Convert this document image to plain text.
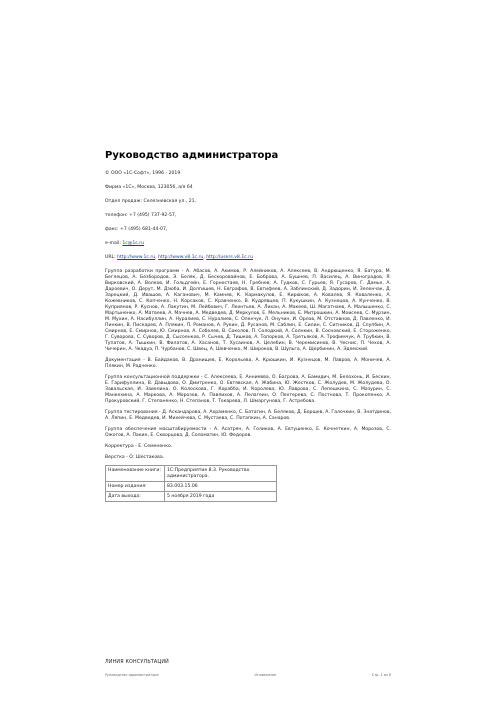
Руководство администратора

© ООО «1С-Софт», 1996 - 2019

Фирма «1С», Москва, 123056, а/я 64

Отдел продаж: Селезневская ул., 21,

телефон: +7 (495) 737-92-57,

факс: +7 (495) 681-44-07,

e-mail: 1c@1c.ru

URL: http://www.1c.ru, http://www.v8.1c.ru, http://users.v8.1c.ru

Группа разработки программ - А. Абасов, А. Акимов, Р. Алейников, А. Алексеев, В. Андрющенко, Я. Батура, М. Беглецов, А. Безбородов, Э. Беляк, Д. Бескоровайнов, Е. Боброва, А. Бушнев, П. Василец, А. Виноградов, Я. Вирковский, А. Волков, И. Гольдгейн, Е. Горностаев, Н. Гребнев, А. Гудков, С. Гурьев, Я. Гусаров, Г. Дамье, А. Дароевич, О. Дерут, М. Дзюба, И. Долгишев, Н. Евграфов, В. Евтифеев, А. Заблинский, Д. Задорин, И. Зеленчак, Д. Зарецкий, Д. Ивашов, А. Каганович, М. Камнев, К. Кармакулов, Е. Кирюков, А. Ковалев, Я. Коваленко, А. Кожевников, С. Копченко, Н. Корсаков, С. Кравченко, В. Кудрявцев, П. Кукушкин, А. Кузнецов, А. Кунченко, В. Куприянов, Р. Куснов, А. Лакутин, М. Лейбович, Г. Леонтьев, А. Лихан, А. Макеев, Ш. Магатнаев, А. Малышенко, С. Мартыненко, А. Матвеев, А. Мачнев, А. Медведев, Д. Меркулов, Е. Мельников, Е. Митрошкин, А. Моисеев, С. Мурзин, М. Мухин, А. Насибуллин, А. Нуралиев, С. Нуралиев, С. Оленчук, Л. Онучин, И. Орлов, М. Отставнов, Д. Павленко, И. Пинкин, В. Пискарев, А. Плякин, П. Романов, А. Рукин, Д. Русанов, М. Саблин, Е. Силин, С. Ситников, Д. Слупбин, А. Смирнов, Е. Смирнов, Ю. Смирнов, А. Соболев, В. Соколов, П. Солодкий, А. Солнкин, В. Сосновский, Е. Стороженко, Г. Суворова, С. Суворов, Д. Сысоенков, Р. Сычев, Д. Тишков, А. Топорков, А. Третьяков, А. Трофимчук, А. Трубкин, В. Тупатов, А. Тышкин, В. Филатов, А. Хасанов, Т. Хусаинов, А. Целебин, В. Черемисинов, В. Чеснис, П. Чехов, А. Чичерин, А. Чкадуа, П. Чурбанов, С. Швец, А. Шевченко, М. Широков, В. Шульга, А. Щербинин, А. Эдемский.

Документация - В. Байдаков, В. Дранищев, Е. Корольева, А. Крюшкин, И. Кузнецов, М. Лавров, А. Моничев, А. Плякин, М. Радченко.

Группа консультационной поддержки - С. Алексеева, Е. Анниевва, О. Багрова, А. Бамидич, М. Белохонь, И. Бескин, Е. Гарифуллина, В. Давыдова, О. Дмитренко, О. Евтявская, А. Жабина, Ю. Жестков, С. Жолудев, М. Жолудева, О. Завальская, И. Завелина, О. Колоскова, Г. Корабба, И. Королева, Ю. Лаврова, С. Лепешкина, С. Мазурин, С. Манкехина, А. Маркова, А. Морозов, А. Павлихов, А. Пелагеин, О. Пехтерева, С. Постнова, Т. Прокопенко, А. Прокуровский, Г. Степаненко, Н. Степанов, Т. Токарева, Л. Шмаргунова, Г. Астребова.

Группа тестирования - Д. Аскандарова, А. Ахраменко, С. Батагин, А. Беляков, Д. Борщев, А. Галочкин, В. Знатдинов, А. Ляпин, Е. Медведев, И. Михейчева, С. Мустаева, С. Потапкин, А. Санаров.

Группа обеспечения масштабируемости - А. Асатрян, А. Голиков, А. Евтушенко, Е. Кочнеткин, А. Морозов, С. Ожогов, А. Пакин, Е. Скворцова, Д. Соломатин, Ю. Федоров.

Корректура - Е. Семененко.

Верстка - О. Шестакова.

Наименование книги:	1С:Предприятие 8.3. Руководство администратора.
Номер издания:	83.003.15.06
Дата выхода:	5 ноября 2019 года
ЛИНИЯ КОНСУЛЬТАЦИЙ
Руководство администратора	Оглавление	Стр. 1 из 6
